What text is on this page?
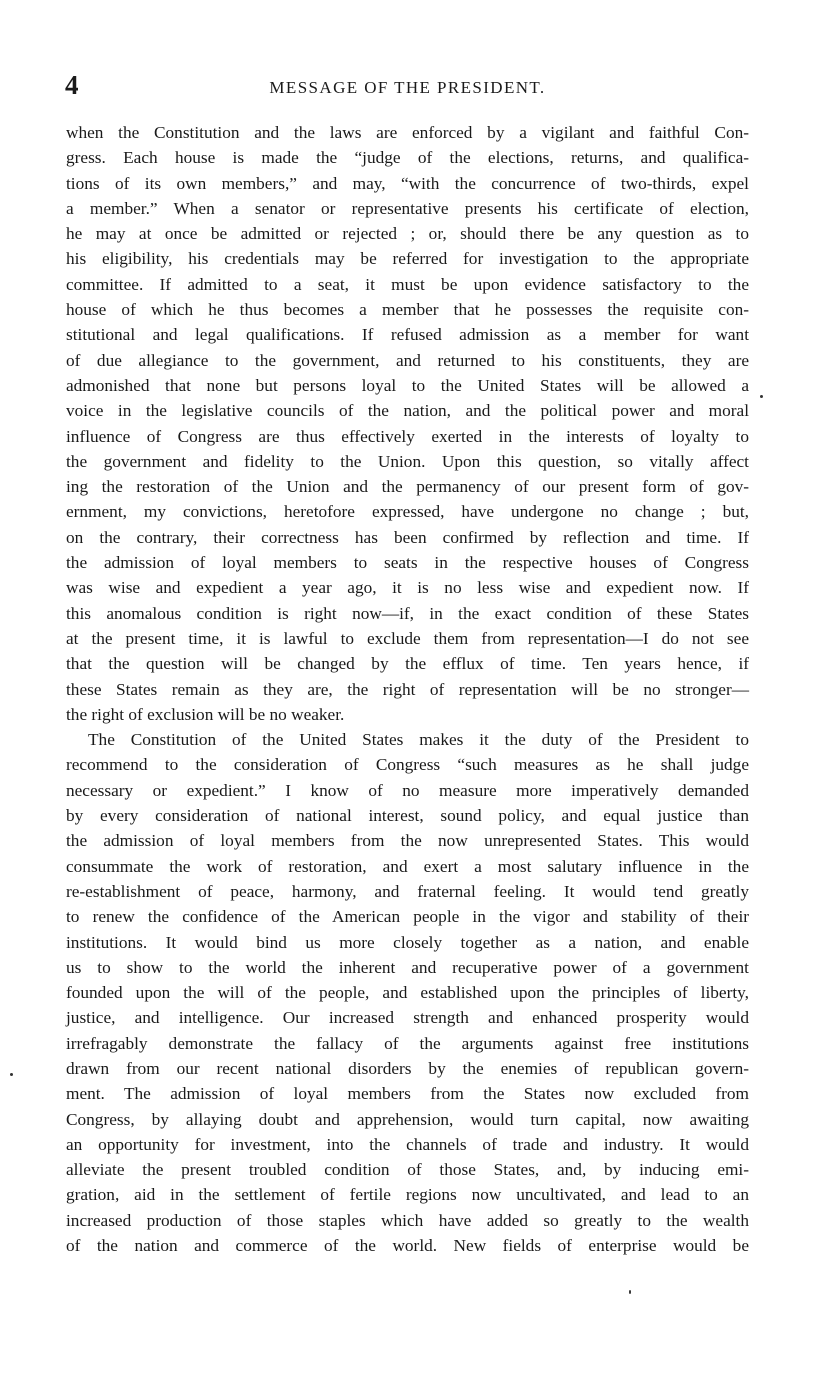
4	MESSAGE OF THE PRESIDENT.
when the Constitution and the laws are enforced by a vigilant and faithful Con-
gress. Each house is made the “judge of the elections, returns, and qualifica-
tions of its own members,” and may, “with the concurrence of two-thirds, expel
a member.” When a senator or representative presents his certificate of election,
he may at once be admitted or rejected ; or, should there be any question as to
his eligibility, his credentials may be referred for investigation to the appropriate
committee. If admitted to a seat, it must be upon evidence satisfactory to the
house of which he thus becomes a member that he possesses the requisite con-
stitutional and legal qualifications. If refused admission as a member for want
of due allegiance to the government, and returned to his constituents, they are
admonished that none but persons loyal to the United States will be allowed a
voice in the legislative councils of the nation, and the political power and moral
influence of Congress are thus effectively exerted in the interests of loyalty to
the government and fidelity to the Union. Upon this question, so vitally affect
ing the restoration of the Union and the permanency of our present form of gov-
ernment, my convictions, heretofore expressed, have undergone no change ; but,
on the contrary, their correctness has been confirmed by reflection and time. If
the admission of loyal members to seats in the respective houses of Congress
was wise and expedient a year ago, it is no less wise and expedient now. If
this anomalous condition is right now—if, in the exact condition of these States
at the present time, it is lawful to exclude them from representation—I do not see
that the question will be changed by the efflux of time. Ten years hence, if
these States remain as they are, the right of representation will be no stronger—
the right of exclusion will be no weaker.
The Constitution of the United States makes it the duty of the President to
recommend to the consideration of Congress “such measures as he shall judge
necessary or expedient.” I know of no measure more imperatively demanded
by every consideration of national interest, sound policy, and equal justice than
the admission of loyal members from the now unrepresented States. This would
consummate the work of restoration, and exert a most salutary influence in the
re-establishment of peace, harmony, and fraternal feeling. It would tend greatly
to renew the confidence of the American people in the vigor and stability of their
institutions. It would bind us more closely together as a nation, and enable
us to show to the world the inherent and recuperative power of a government
founded upon the will of the people, and established upon the principles of liberty,
justice, and intelligence. Our increased strength and enhanced prosperity would
irrefragably demonstrate the fallacy of the arguments against free institutions
drawn from our recent national disorders by the enemies of republican govern-
ment. The admission of loyal members from the States now excluded from
Congress, by allaying doubt and apprehension, would turn capital, now awaiting
an opportunity for investment, into the channels of trade and industry. It would
alleviate the present troubled condition of those States, and, by inducing emi-
gration, aid in the settlement of fertile regions now uncultivated, and lead to an
increased production of those staples which have added so greatly to the wealth
of the nation and commerce of the world. New fields of enterprise would be
